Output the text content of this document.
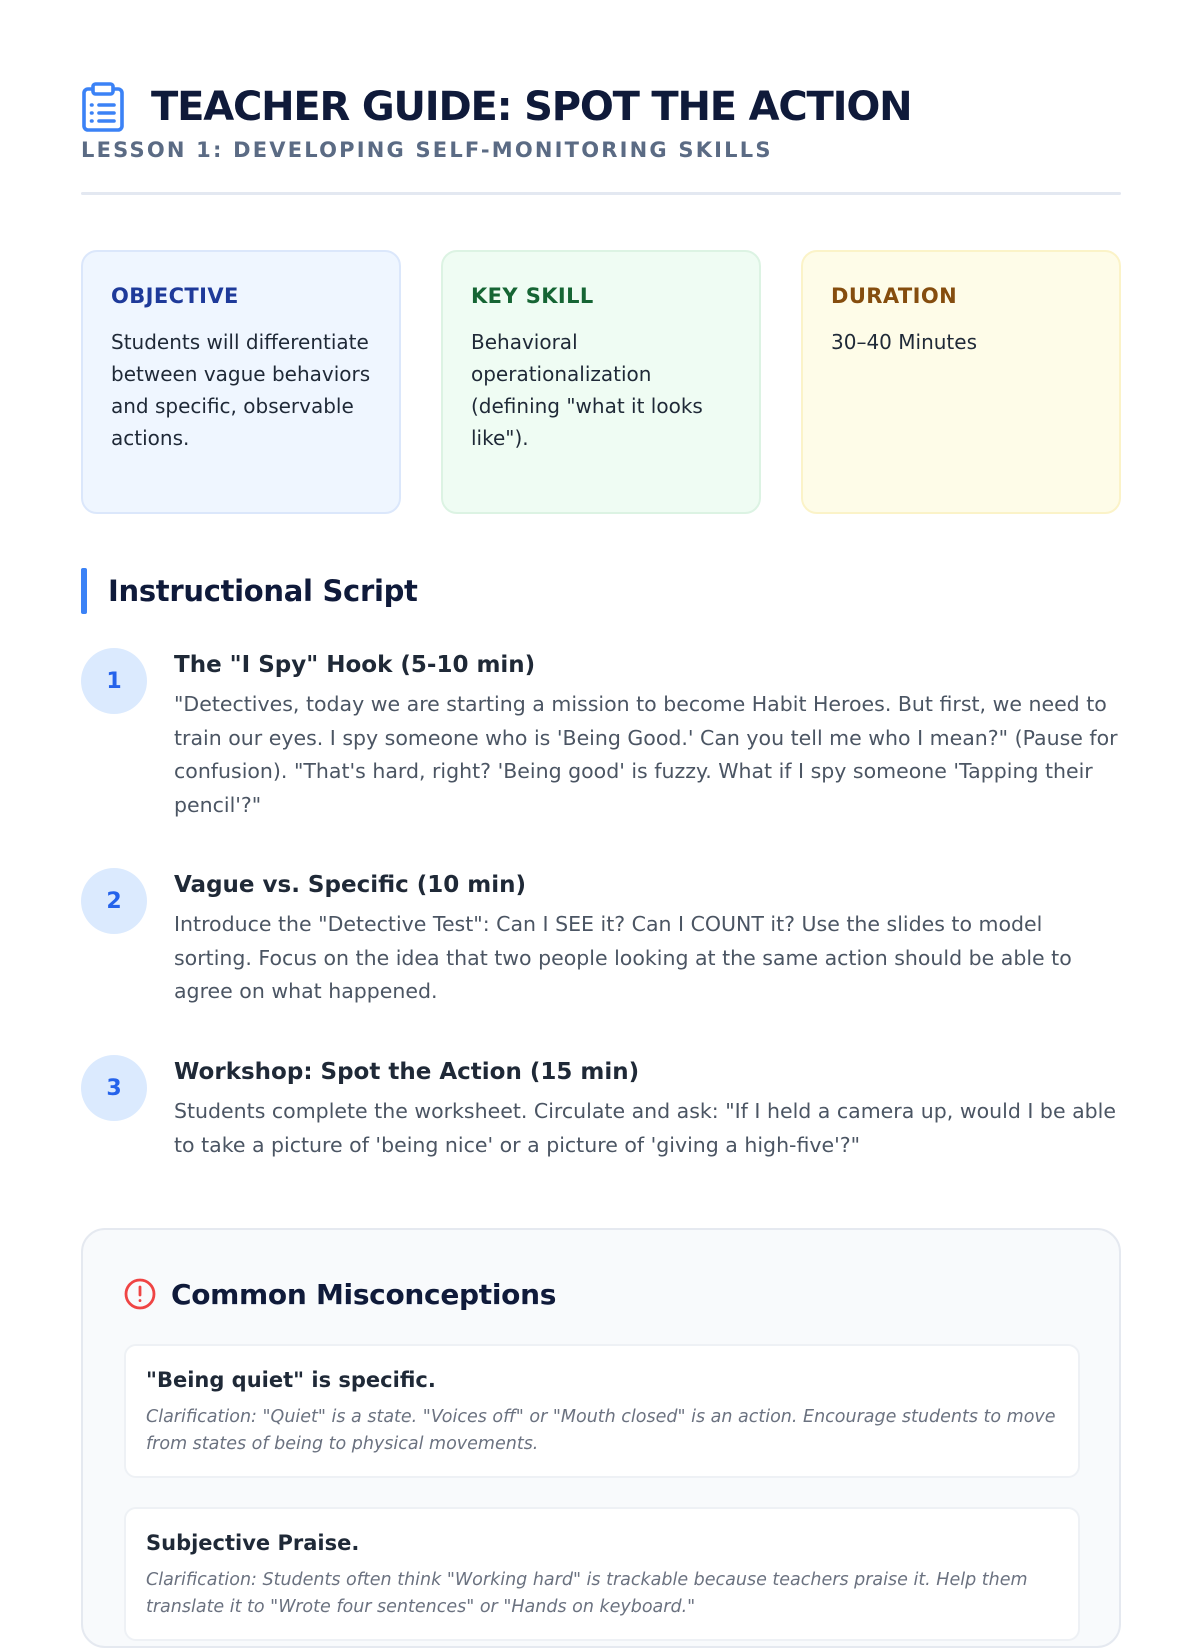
TEACHER GUIDE: SPOT THE ACTION
LESSON 1: DEVELOPING SELF-MONITORING SKILLS
OBJECTIVE
Students will differentiate between vague behaviors and specific, observable actions.
KEY SKILL
Behavioral operationalization (defining "what it looks like").
DURATION
30–40 Minutes
Instructional Script
1
The "I Spy" Hook (5-10 min)

"Detectives, today we are starting a mission to become Habit Heroes. But first, we need to train our eyes. I spy someone who is 'Being Good.' Can you tell me who I mean?" (Pause for confusion). "That's hard, right? 'Being good' is fuzzy. What if I spy someone 'Tapping their pencil'?"

2
Vague vs. Specific (10 min)

Introduce the "Detective Test": Can I SEE it? Can I COUNT it? Use the slides to model sorting. Focus on the idea that two people looking at the same action should be able to agree on what happened.

3
Workshop: Spot the Action (15 min)

Students complete the worksheet. Circulate and ask: "If I held a camera up, would I be able to take a picture of 'being nice' or a picture of 'giving a high-five'?"

Common Misconceptions
"Being quiet" is specific.

Clarification: "Quiet" is a state. "Voices off" or "Mouth closed" is an action. Encourage students to move from states of being to physical movements.

Subjective Praise.

Clarification: Students often think "Working hard" is trackable because teachers praise it. Help them translate it to "Wrote four sentences" or "Hands on keyboard."
